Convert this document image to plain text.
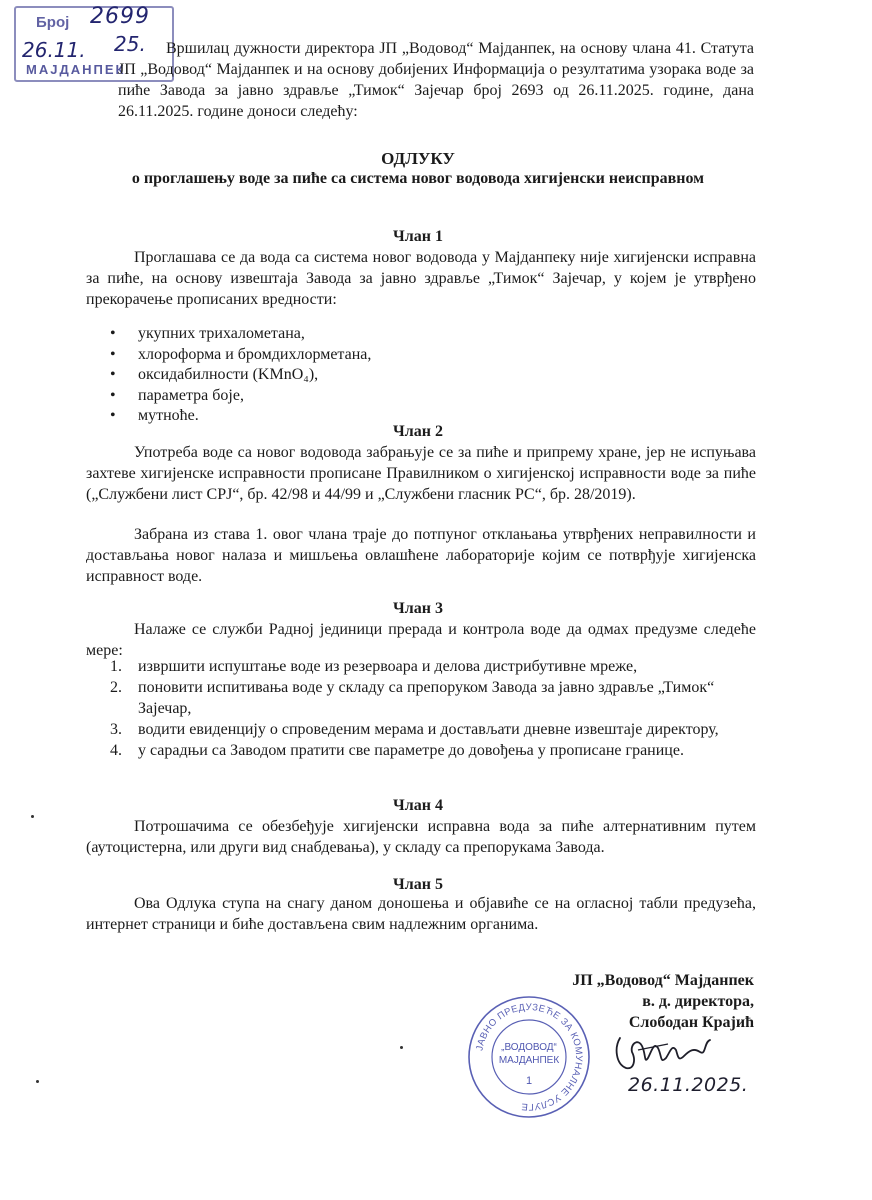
Број 2699
26.11. 25.
МАЈДАНПЕК
Вршилац дужности директора ЈП „Водовод“ Мајданпек, на основу члана 41. Статута ЈП „Водовод“ Мајданпек и на основу добијених Информација о резултатима узорака воде за пиће Завода за јавно здравље „Тимок“ Зајечар број 2693 од 26.11.2025. године, дана 26.11.2025. године доноси следећу:
ОДЛУКУ
о проглашењу воде за пиће са система новог водовода хигијенски неисправном
Члан 1
Проглашава се да вода са система новог водовода у Мајданпеку није хигијенски исправна за пиће, на основу извештаја Завода за јавно здравље „Тимок“ Зајечар, у којем је утврђено прекорачење прописаних вредности:
• укупних трихалометана,
• хлороформа и бромдихлорметана,
• оксидабилности (KMnO₄),
• параметра боје,
• мутноће.
Члан 2
Употреба воде са новог водовода забрањује се за пиће и припрему хране, јер не испуњава захтеве хигијенске исправности прописане Правилником о хигијенској исправности воде за пиће („Службени лист СРЈ“, бр. 42/98 и 44/99 и „Службени гласник РС“, бр. 28/2019).
Забрана из става 1. овог члана траје до потпуног отклањања утврђених неправилности и достављања новог налаза и мишљења овлашћене лабораторије којим се потврђује хигијенска исправност воде.
Члан 3
Налаже се служби Радној јединици прерада и контрола воде да одмах предузме следеће мере:
1. извршити испуштање воде из резервоара и делова дистрибутивне мреже,
2. поновити испитивања воде у складу са препоруком Завода за јавно здравље „Тимок“ Зајечар,
3. водити евиденцију о спроведеним мерама и достављати дневне извештаје директору,
4. у сарадњи са Заводом пратити све параметре до довођења у прописане границе.
Члан 4
Потрошачима се обезбеђује хигијенски исправна вода за пиће алтернативним путем (аутоцистерна, или други вид снабдевања), у складу са препорукама Завода.
Члан 5
Ова Одлука ступа на снагу даном доношења и објавиће се на огласној табли предузећа, интернет страници и биће достављена свим надлежним органима.
ЈП „Водовод“ Мајданпек
в. д. директора,
Слободан Крајић
ЈАВНО ПРЕДУЗЕЋЕ ЗА КОМУНАЛНЕ УСЛУГЕ
„ВОДОВОД“
МАЈДАНПЕК
1	26.11.2025.
